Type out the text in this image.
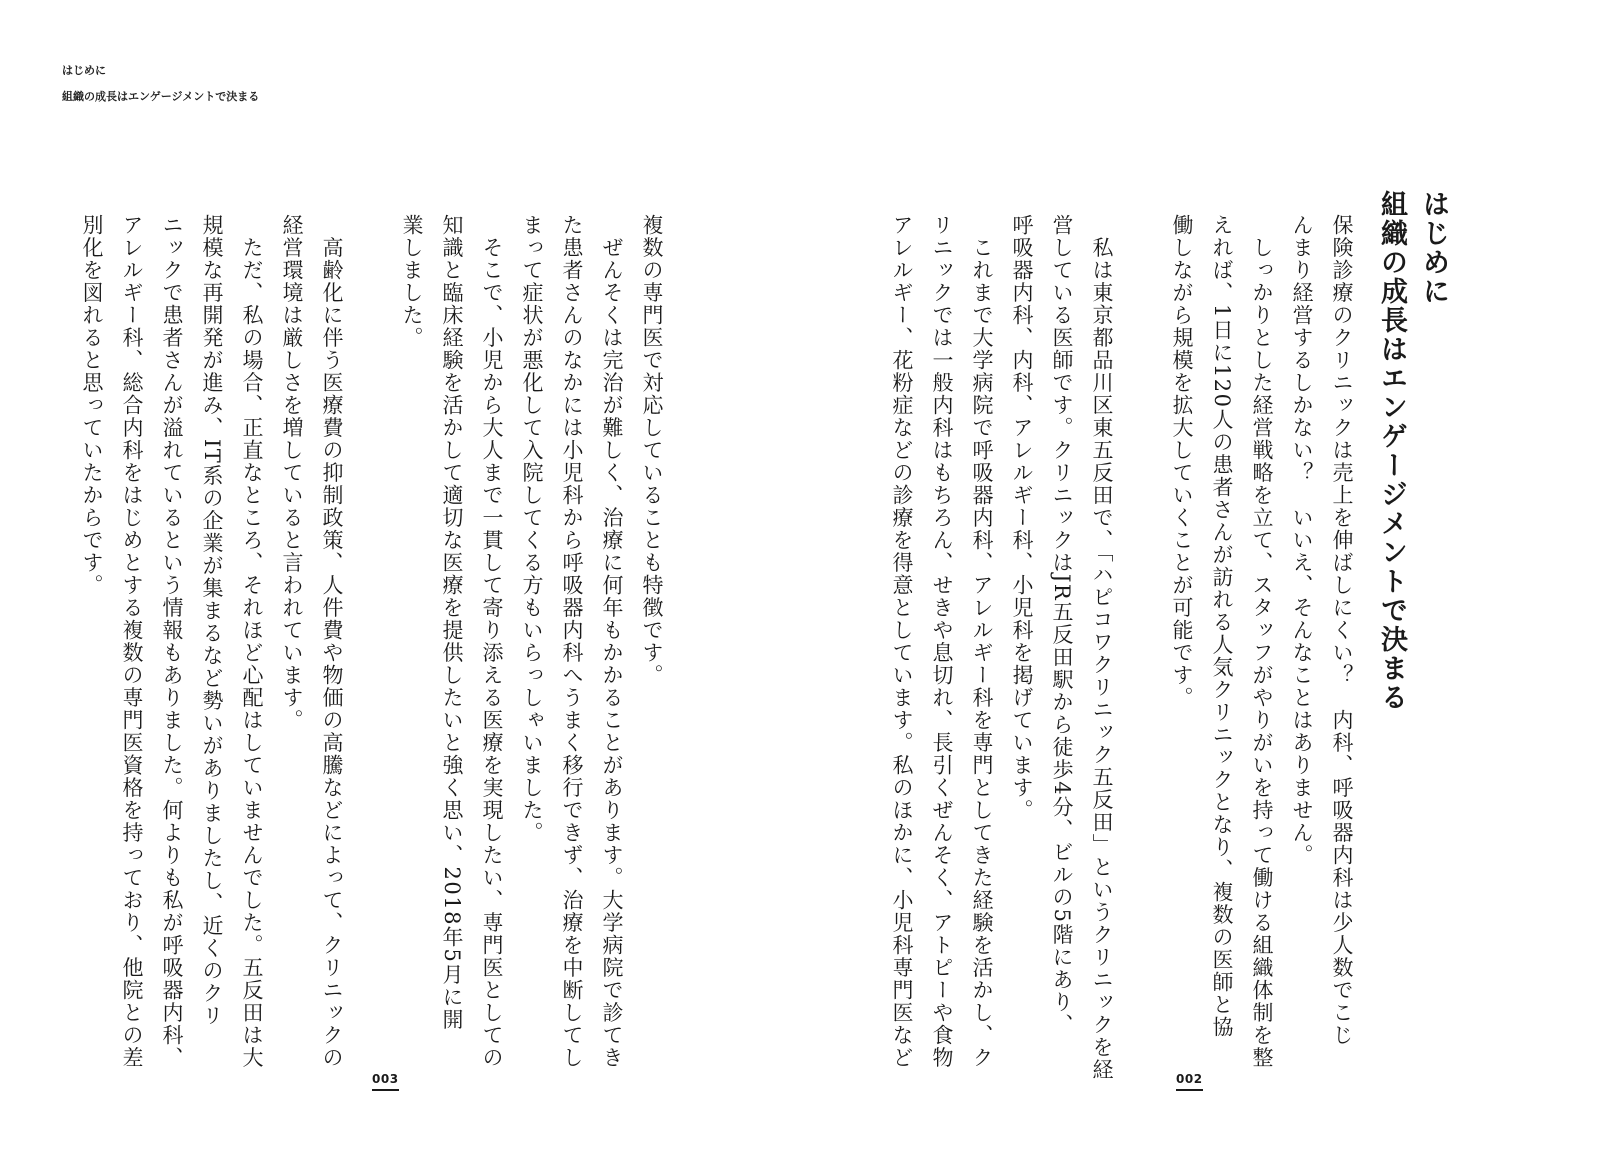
はじめに
組織の成長はエンゲージメントで決まる
はじめに
組織の成長はエンゲージメントで決まる
保険診療のクリニックは売上を伸ばしにくい？　内科、呼吸器内科は少人数でこじ
んまり経営するしかない？　いいえ、そんなことはありません。
　しっかりとした経営戦略を立て、スタッフがやりがいを持って働ける組織体制を整
えれば、1日に120人の患者さんが訪れる人気クリニックとなり、複数の医師と協
働しながら規模を拡大していくことが可能です。
　私は東京都品川区東五反田で、「ハピコワクリニック五反田」というクリニックを経
営している医師です。クリニックはJR五反田駅から徒歩4分、ビルの5階にあり、
呼吸器内科、内科、アレルギー科、小児科を掲げています。
　これまで大学病院で呼吸器内科、アレルギー科を専門としてきた経験を活かし、ク
リニックでは一般内科はもちろん、せきや息切れ、長引くぜんそく、アトピーや食物
アレルギー、花粉症などの診療を得意としています。私のほかに、小児科専門医など
002
複数の専門医で対応していることも特徴です。
　ぜんそくは完治が難しく、治療に何年もかかることがあります。大学病院で診てき
た患者さんのなかには小児科から呼吸器内科へうまく移行できず、治療を中断してし
まって症状が悪化して入院してくる方もいらっしゃいました。
　そこで、小児から大人まで一貫して寄り添える医療を実現したい、専門医としての
知識と臨床経験を活かして適切な医療を提供したいと強く思い、2018年5月に開
業しました。
　高齢化に伴う医療費の抑制政策、人件費や物価の高騰などによって、クリニックの
経営環境は厳しさを増していると言われています。
　ただ、私の場合、正直なところ、それほど心配はしていませんでした。五反田は大
規模な再開発が進み、IT系の企業が集まるなど勢いがありましたし、近くのクリ
ニックで患者さんが溢れているという情報もありました。何よりも私が呼吸器内科、
アレルギー科、総合内科をはじめとする複数の専門医資格を持っており、他院との差
別化を図れると思っていたからです。
003
